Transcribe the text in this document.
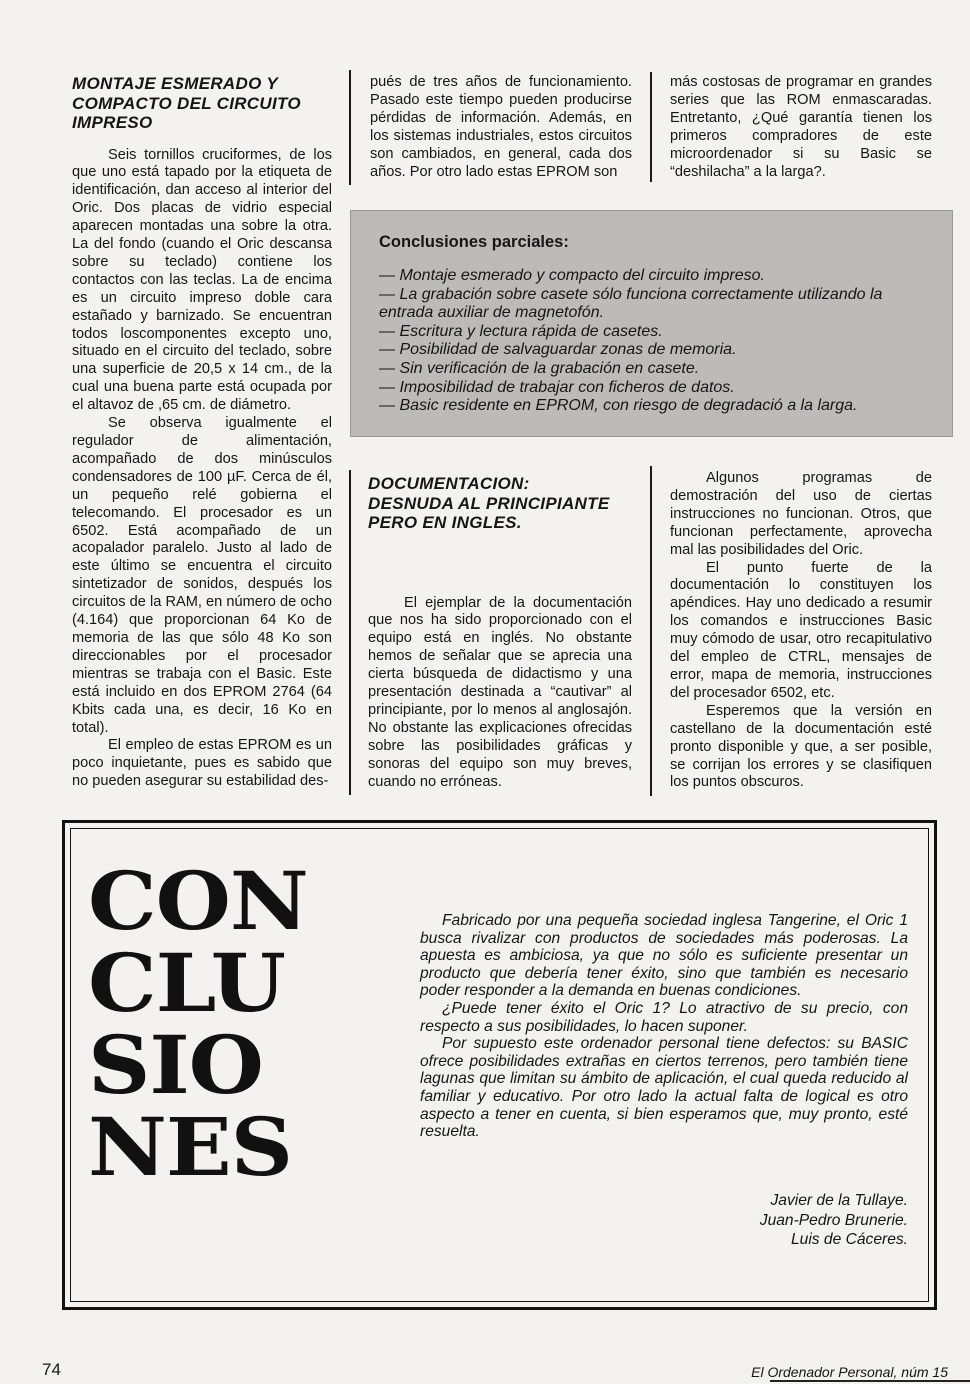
MONTAJE ESMERADO Y
COMPACTO DEL CIRCUITO
IMPRESO

Seis tornillos cruciformes, de los que uno está tapado por la etiqueta de identificación, dan acceso al interior del Oric. Dos placas de vidrio especial aparecen montadas una sobre la otra. La del fondo (cuando el Oric descansa sobre su teclado) contiene los contactos con las teclas. La de encima es un circuito impreso doble cara estañado y barnizado. Se encuentran todos loscomponentes excepto uno, situado en el circuito del teclado, sobre una superficie de 20,5 x 14 cm., de la cual una buena parte está ocupada por el altavoz de ,65 cm. de diámetro.

Se observa igualmente el regulador de alimentación, acompañado de dos minúsculos condensadores de 100 µF. Cerca de él, un pequeño relé gobierna el telecomando. El procesador es un 6502. Está acompañado de un acopalador paralelo. Justo al lado de este último se encuentra el circuito sintetizador de sonidos, después los circuitos de la RAM, en número de ocho (4.164) que proporcionan 64 Ko de memoria de las que sólo 48 Ko son direccionables por el procesador mientras se trabaja con el Basic. Este está incluido en dos EPROM 2764 (64 Kbits cada una, es decir, 16 Ko en total).

El empleo de estas EPROM es un poco inquietante, pues es sabido que no pueden asegurar su estabilidad des-

pués de tres años de funcionamiento. Pasado este tiempo pueden producirse pérdidas de información. Además, en los sistemas industriales, estos circuitos son cambiados, en general, cada dos años. Por otro lado estas EPROM son

más costosas de programar en grandes series que las ROM enmascaradas. Entretanto, ¿Qué garantía tienen los primeros compradores de este microordenador si su Basic se “deshilacha” a la larga?.

Conclusiones parciales:
— Montaje esmerado y compacto del circuito impreso.
— La grabación sobre casete sólo funciona correctamente utilizando la entrada auxiliar de magnetofón.
— Escritura y lectura rápida de casetes.
— Posibilidad de salvaguardar zonas de memoria.
— Sin verificación de la grabación en casete.
— Imposibilidad de trabajar con ficheros de datos.
— Basic residente en EPROM, con riesgo de degradació a la larga.
DOCUMENTACION:
DESNUDA AL PRINCIPIANTE
PERO EN INGLES.

El ejemplar de la documentación que nos ha sido proporcionado con el equipo está en inglés. No obstante hemos de señalar que se aprecia una cierta búsqueda de didactismo y una presentación destinada a “cautivar” al principiante, por lo menos al anglosajón. No obstante las explicaciones ofrecidas sobre las posibilidades gráficas y sonoras del equipo son muy breves, cuando no erróneas.

Algunos programas de demostración del uso de ciertas instrucciones no funcionan. Otros, que funcionan perfectamente, aprovecha mal las posibilidades del Oric.

El punto fuerte de la documentación lo constituyen los apéndices. Hay uno dedicado a resumir los comandos e instrucciones Basic muy cómodo de usar, otro recapitulativo del empleo de CTRL, mensajes de error, mapa de memoria, instrucciones del procesador 6502, etc.

Esperemos que la versión en castellano de la documentación esté pronto disponible y que, a ser posible, se corrijan los errores y se clasifiquen los puntos obscuros.

CON
CLU
SIO
NES

Fabricado por una pequeña sociedad inglesa Tangerine, el Oric 1 busca rivalizar con productos de sociedades más poderosas. La apuesta es ambiciosa, ya que no sólo es suficiente presentar un producto que debería tener éxito, sino que también es necesario poder responder a la demanda en buenas condiciones.

¿Puede tener éxito el Oric 1? Lo atractivo de su precio, con respecto a sus posibilidades, lo hacen suponer.

Por supuesto este ordenador personal tiene defectos: su BASIC ofrece posibilidades extrañas en ciertos terrenos, pero también tiene lagunas que limitan su ámbito de aplicación, el cual queda reducido al familiar y educativo. Por otro lado la actual falta de logical es otro aspecto a tener en cuenta, si bien esperamos que, muy pronto, esté resuelta.

Javier de la Tullaye.
Juan-Pedro Brunerie.
Luis de Cáceres.
74	El Ordenador Personal, núm 15
